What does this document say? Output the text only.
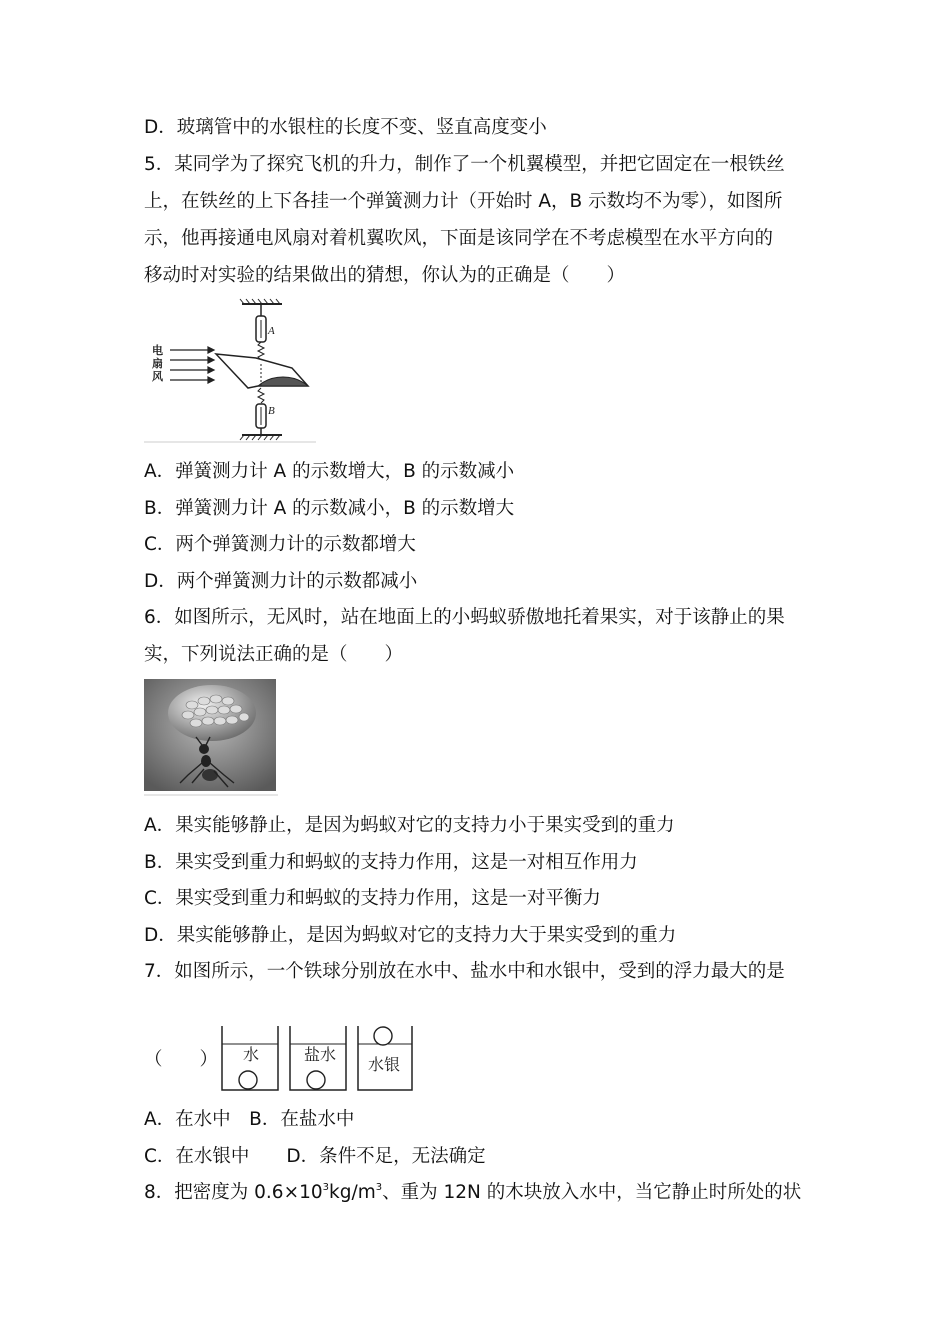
D．玻璃管中的水银柱的长度不变、竖直高度变小
5．某同学为了探究飞机的升力，制作了一个机翼模型，并把它固定在一根铁丝
上，在铁丝的上下各挂一个弹簧测力计（开始时 A，B 示数均不为零），如图所
示，他再接通电风扇对着机翼吹风，下面是该同学在不考虑模型在水平方向的
移动时对实验的结果做出的猜想，你认为的正确是（　　）
A
电
扇
风
B
A．弹簧测力计 A 的示数增大，B 的示数减小
B．弹簧测力计 A 的示数减小，B 的示数增大
C．两个弹簧测力计的示数都增大
D．两个弹簧测力计的示数都减小
6．如图所示，无风时，站在地面上的小蚂蚁骄傲地托着果实，对于该静止的果
实，下列说法正确的是（　　）
A．果实能够静止，是因为蚂蚁对它的支持力小于果实受到的重力
B．果实受到重力和蚂蚁的支持力作用，这是一对相互作用力
C．果实受到重力和蚂蚁的支持力作用，这是一对平衡力
D．果实能够静止，是因为蚂蚁对它的支持力大于果实受到的重力
7．如图所示，一个铁球分别放在水中、盐水中和水银中，受到的浮力最大的是
（　　） 水	盐水
水银
A．在水中　B．在盐水中
C．在水银中　　D．条件不足，无法确定
8．把密度为 $0.6\times 10^3kg/m^3$、重为 12N 的木块放入水中，当它静止时所处的状
